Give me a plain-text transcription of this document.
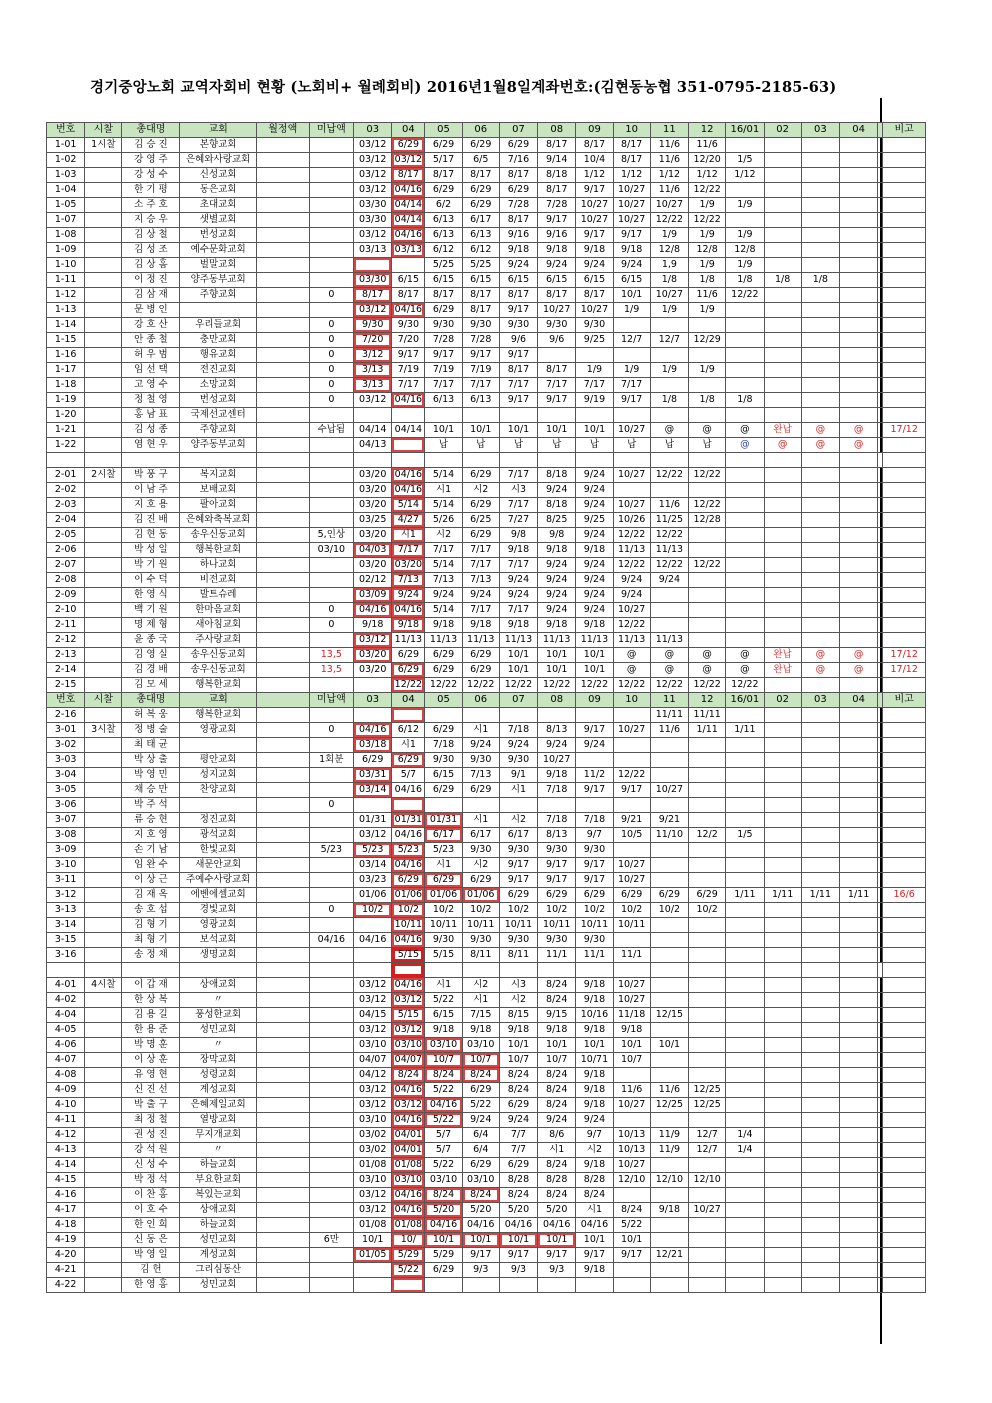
경기중앙노회 교역자회비 현황 (노회비+ 월례회비) 2016년1월8일계좌번호:(김현동농협 351-0795-2185-63)
번호	시찰	총대명	교회	월정액	미납액	03	04	05	06	07	08	09	10	11	12	16/01	02	03	04		비고
1-01	1시찰	김 승 진	본향교회			03/12	6/29	6/29	6/29	6/29	8/17	8/17	8/17	11/6	11/6						
1-02		강 영 주	은혜와사랑교회			03/12	03/12	5/17	6/5	7/16	9/14	10/4	8/17	11/6	12/20	1/5					
1-03		강 성 수	신성교회			03/12	8/17	8/17	8/17	8/17	8/18	1/12	1/12	1/12	1/12	1/12					
1-04		한 기 평	동은교회			03/12	04/16	6/29	6/29	6/29	8/17	9/17	10/27	11/6	12/22						
1-05		소 주 호	초대교회			03/30	04/14	6/2	6/29	7/28	7/28	10/27	10/27	10/27	1/9	1/9					
1-07		지 승 우	샛별교회			03/30	04/14	6/13	6/17	8/17	9/17	10/27	10/27	12/22	12/22						
1-08		김 상 철	번성교회			03/12	04/16	6/13	6/13	9/16	9/16	9/17	9/17	1/9	1/9	1/9					
1-09		김 성 조	예수문화교회			03/13	03/13	6/12	6/12	9/18	9/18	9/18	9/18	12/8	12/8	12/8					
1-10		김 상 홈	벌말교회					5/25	5/25	9/24	9/24	9/24	9/24	1,9	1/9	1/9					
1-11		이 정 진	양주동부교회			03/30	6/15	6/15	6/15	6/15	6/15	6/15	6/15	1/8	1/8	1/8	1/8	1/8			
1-12		김 삼 재	주향교회		0	8/17	8/17	8/17	8/17	8/17	8/17	8/17	10/1	10/27	11/6	12/22					
1-13		문 병 인				03/12	04/16	6/29	8/17	9/17	10/27	10/27	1/9	1/9	1/9						
1-14		강 호 산	우리들교회		0	9/30	9/30	9/30	9/30	9/30	9/30	9/30									
1-15		안 종 철	충만교회		0	7/20	7/20	7/28	7/28	9/6	9/6	9/25	12/7	12/7	12/29						
1-16		허 우 범	행유교회		0	3/12	9/17	9/17	9/17	9/17											
1-17		임 선 택	전진교회		0	3/13	7/19	7/19	7/19	8/17	8/17	1/9	1/9	1/9	1/9						
1-18		고 영 수	소망교회		0	3/13	7/17	7/17	7/17	7/17	7/17	7/17	7/17								
1-19		정 철 영	번성교회		0	03/12	04/16	6/13	6/13	9/17	9/17	9/19	9/17	1/8	1/8	1/8					
1-20		홍 남 표	국제선교센터																		
1-21		김 성 종	주향교회		수납됨	04/14	04/14	10/1	10/1	10/1	10/1	10/1	10/27	@	@	@	완납	@	@		17/12
1-22		염 현 우	양주동부교회			04/13		납	납	납	납	납	납	납	납	@	@	@	@		

2-01	2시찰	박 풍 구	복지교회			03/20	04/16	5/14	6/29	7/17	8/18	9/24	10/27	12/22	12/22						
2-02		이 남 주	보배교회			03/20	04/16	시1	시2	시3	9/24	9/24									
2-03		지 호 용	팔아교회			03/20	5/14	5/14	6/29	7/17	8/18	9/24	10/27	11/6	12/22						
2-04		김 진 배	은혜와축복교회			03/25	4/27	5/26	6/25	7/27	8/25	9/25	10/26	11/25	12/28						
2-05		김 현 동	송우신동교회		5,인상	03/20	시1	시2	6/29	9/8	9/8	9/24	12/22	12/22							
2-06		박 성 일	행복한교회		03/10	04/03	7/17	7/17	7/17	9/18	9/18	9/18	11/13	11/13							
2-07		박 기 원	하나교회			03/20	03/20	5/14	7/17	7/17	9/24	9/24	12/22	12/22	12/22						
2-08		이 수 덕	비전교회			02/12	7/13	7/13	7/13	9/24	9/24	9/24	9/24	9/24							
2-09		한 영 식	발트슈레			03/09	9/24	9/24	9/24	9/24	9/24	9/24	9/24								
2-10		백 기 원	한마음교회		0	04/16	04/16	5/14	7/17	7/17	9/24	9/24	10/27								
2-11		명 제 형	새아침교회		0	9/18	9/18	9/18	9/18	9/18	9/18	9/18	12/22								
2-12		윤 종 국	주사랑교회			03/12	11/13	11/13	11/13	11/13	11/13	11/13	11/13	11/13							
2-13		김 영 실	송우신동교회		13,5	03/20	6/29	6/29	6/29	10/1	10/1	10/1	@	@	@	@	완납	@	@		17/12
2-14		김 경 배	송우신동교회		13,5	03/20	6/29	6/29	6/29	10/1	10/1	10/1	@	@	@	@	완납	@	@		17/12
2-15		김 모 세	행복한교회				12/22	12/22	12/22	12/22	12/22	12/22	12/22	12/22	12/22	12/22					
번호	시찰	총대명	교회		미납액	03	04	05	06	07	08	09	10	11	12	16/01	02	03	04		비고
2-16		허 복 웅	행복한교회											11/11	11/11						
3-01	3시찰	정 병 술	영광교회		0	04/16	6/12	6/29	시1	7/18	8/13	9/17	10/27	11/6	1/11	1/11					
3-02		최 태 균				03/18	시1	7/18	9/24	9/24	9/24	9/24									
3-03		박 상 출	평안교회		1회분	6/29	6/29	9/30	9/30	9/30	10/27										
3-04		박 영 민	성지교회			03/31	5/7	6/15	7/13	9/1	9/18	11/2	12/22								
3-05		채 승 만	찬양교회			03/14	04/16	6/29	6/29	시1	7/18	9/17	9/17	10/27							
3-06		박 주 석			0																
3-07		류 승 현	정진교회			01/31	01/31	01/31	시1	시2	7/18	7/18	9/21	9/21							
3-08		지 호 영	광석교회			03/12	04/16	6/17	6/17	6/17	8/13	9/7	10/5	11/10	12/2	1/5					
3-09		손 기 남	한빛교회		5/23	5/23	5/23	5/23	9/30	9/30	9/30	9/30									
3-10		임 완 수	새문안교회			03/14	04/16	시1	시2	9/17	9/17	9/17	10/27								
3-11		이 상 근	주예수사랑교회			03/23	6/29	6/29	6/29	9/17	9/17	9/17	10/27								
3-12		김 재 옥	에벤에셀교회			01/06	01/06	01/06	01/06	6/29	6/29	6/29	6/29	6/29	6/29	1/11	1/11	1/11	1/11		16/6
3-13		송 호 섭	경빛교회		0	10/2	10/2	10/2	10/2	10/2	10/2	10/2	10/2	10/2	10/2						
3-14		김 형 기	영광교회				10/11	10/11	10/11	10/11	10/11	10/11	10/11								
3-15		최 형 기	보석교회		04/16	04/16	04/16	9/30	9/30	9/30	9/30	9/30									
3-16		송 정 채	생명교회				5/15	5/15	8/11	8/11	11/1	11/1	11/1								

4-01	4시찰	이 갑 재	상애교회			03/12	04/16	시1	시2	시3	8/24	9/18	10/27								
4-02		한 상 복	〃			03/12	03/12	5/22	시1	시2	8/24	9/18	10/27								
4-04		김 용 길	풍성한교회			04/15	5/15	6/15	7/15	8/15	9/15	10/16	11/18	12/15							
4-05		한 용 준	성민교회			03/12	03/12	9/18	9/18	9/18	9/18	9/18	9/18								
4-06		박 명 훈	〃			03/10	03/10	03/10	03/10	10/1	10/1	10/1	10/1	10/1							
4-07		이 상 훈	장막교회			04/07	04/07	10/7	10/7	10/7	10/7	10/71	10/7								
4-08		유 영 현	성령교회			04/12	8/24	8/24	8/24	8/24	8/24	9/18									
4-09		신 진 선	계성교회			03/12	04/16	5/22	6/29	8/24	8/24	9/18	11/6	11/6	12/25						
4-10		박 출 구	은혜제일교회			03/12	03/12	04/16	5/22	6/29	8/24	9/18	10/27	12/25	12/25						
4-11		최 정 철	열방교회			03/10	04/16	5/22	9/24	9/24	9/24	9/24									
4-12		권 성 진	무지개교회			03/02	04/01	5/7	6/4	7/7	8/6	9/7	10/13	11/9	12/7	1/4					
4-13		강 석 원	〃			03/02	04/01	5/7	6/4	7/7	시1	시2	10/13	11/9	12/7	1/4					
4-14		신 성 수	하늘교회			01/08	01/08	5/22	6/29	6/29	8/24	9/18	10/27								
4-15		박 정 석	부요한교회			03/10	03/10	03/10	03/10	8/28	8/28	8/28	12/10	12/10	12/10						
4-16		이 찬 홍	복있는교회			03/12	04/16	8/24	8/24	8/24	8/24	8/24									
4-17		이 호 수	상애교회			03/12	04/16	5/20	5/20	5/20	5/20	시1	8/24	9/18	10/27						
4-18		한 인 희	하늘교회			01/08	01/08	04/16	04/16	04/16	04/16	04/16	5/22								
4-19		신 동 은	성민교회		6만	10/1	10/	10/1	10/1	10/1	10/1	10/1	10/1								
4-20		박 영 일	계성교회			01/05	5/29	5/29	9/17	9/17	9/17	9/17	9/17	12/21							
4-21		김 헌	그리심동산				5/22	6/29	9/3	9/3	9/3	9/18									
4-22		한 영 홍	성민교회																		
